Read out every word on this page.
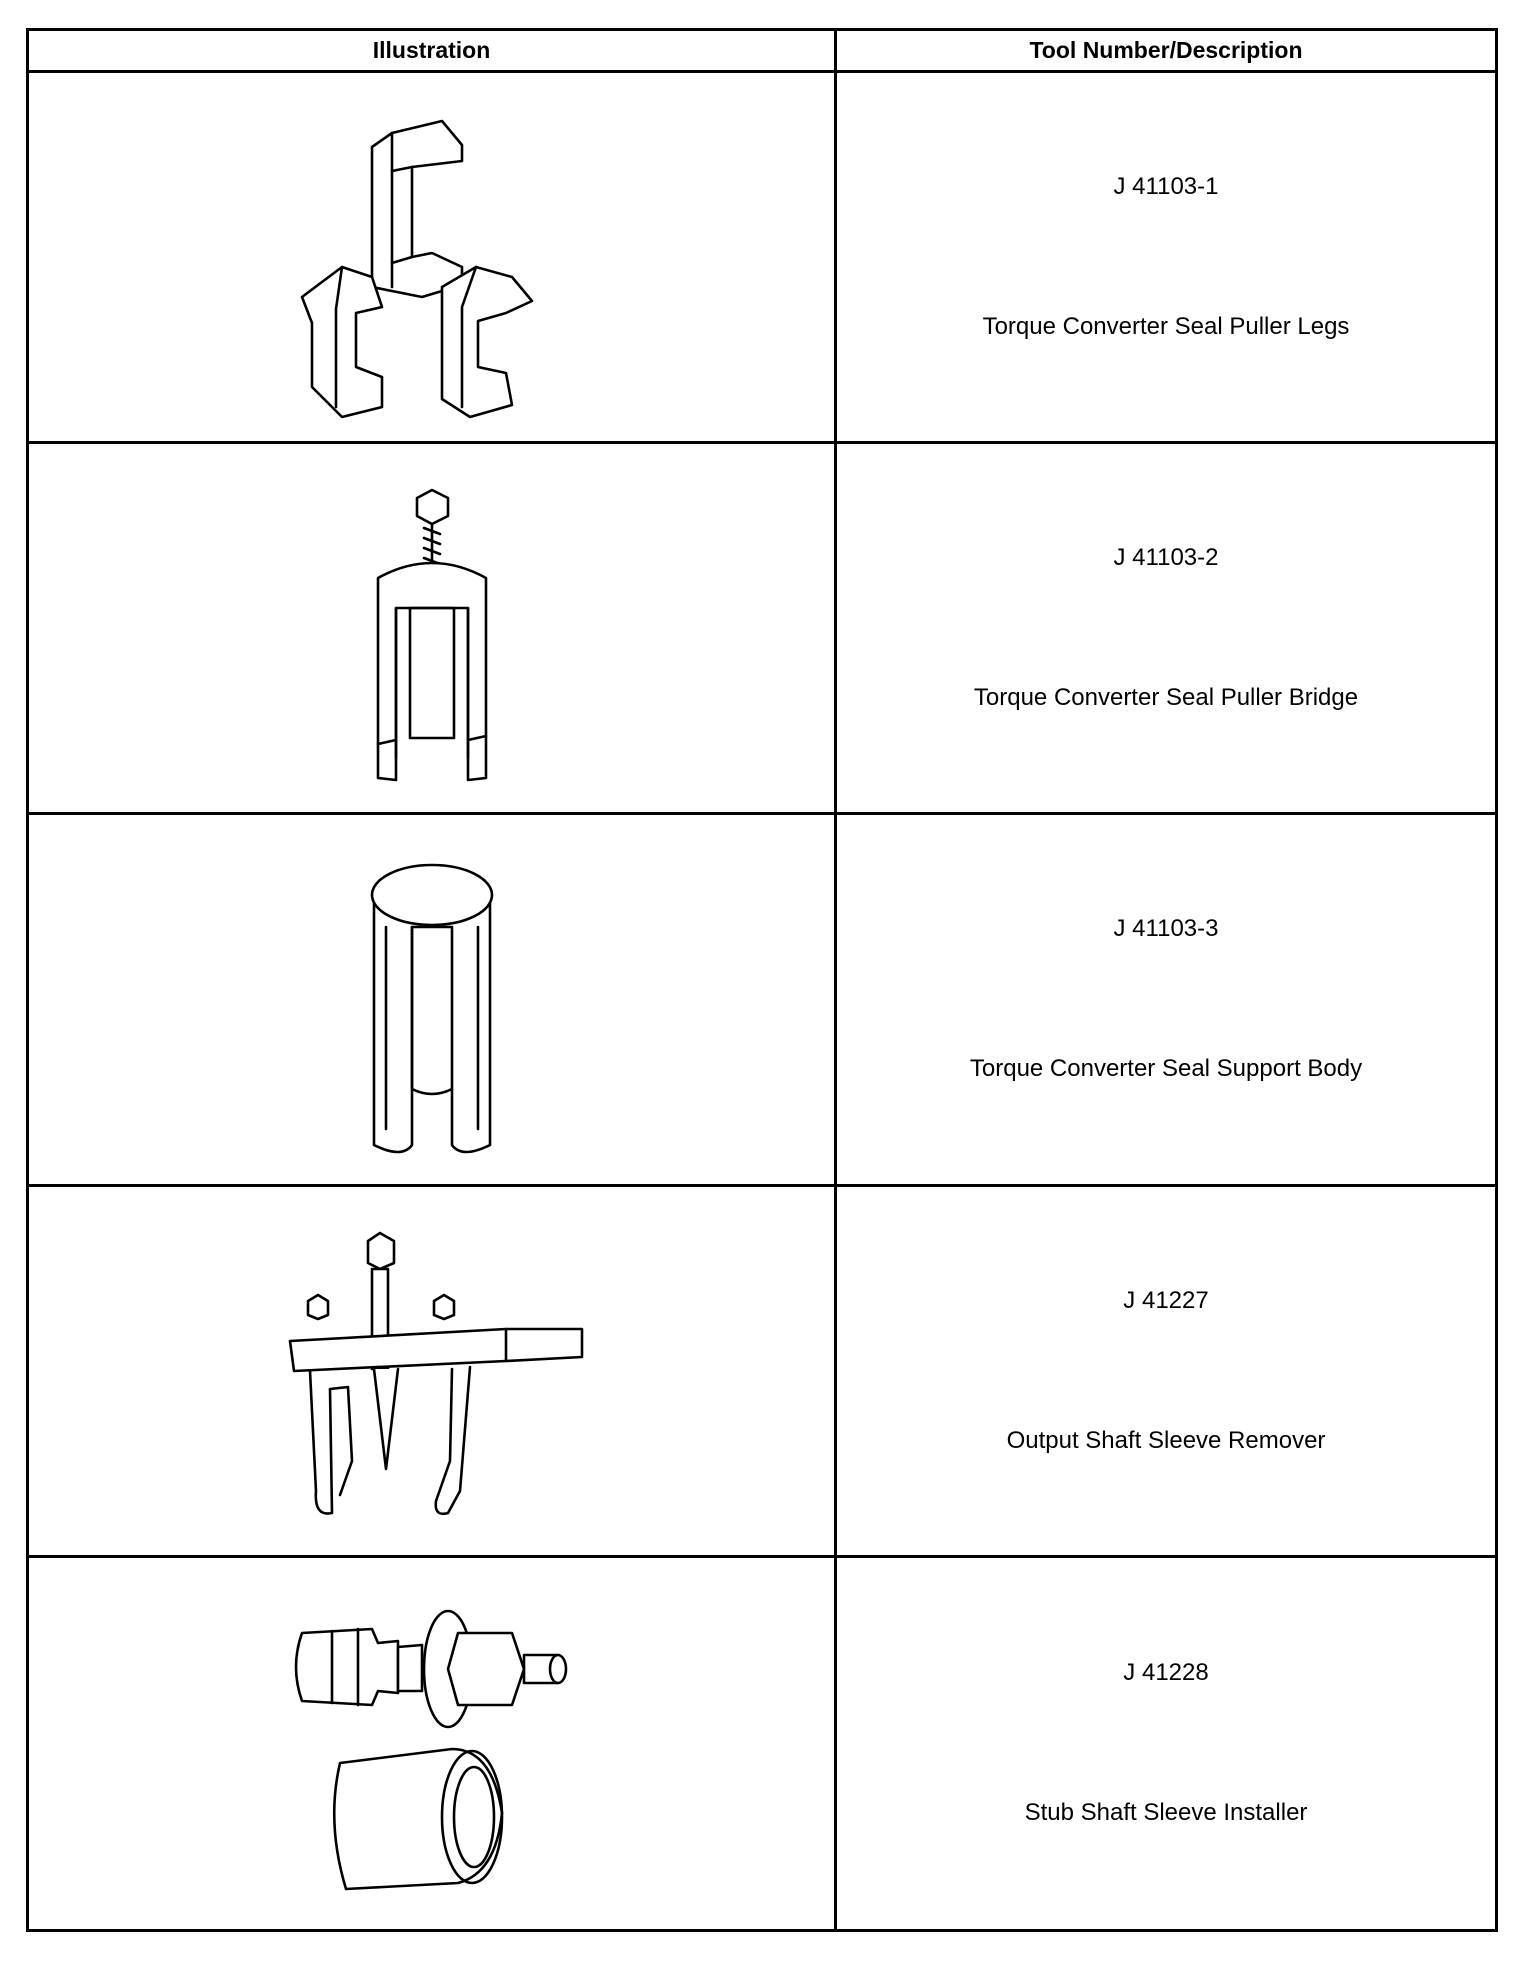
Illustration	Tool Number/Description
J 41103-1
Torque Converter Seal Puller Legs
J 41103-2
Torque Converter Seal Puller Bridge
J 41103-3
Torque Converter Seal Support Body
J 41227
Output Shaft Sleeve Remover
J 41228
Stub Shaft Sleeve Installer
